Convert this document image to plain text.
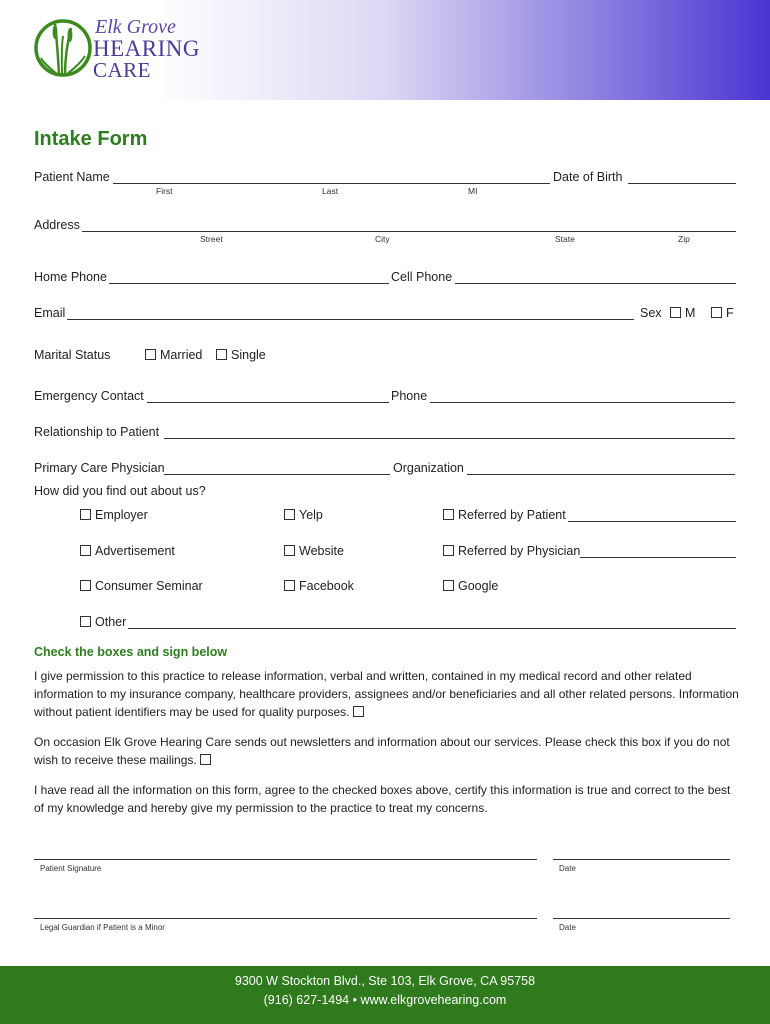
Elk Grove
HEARING
CARE
Intake Form
Patient Name	Date of Birth
First	Last	MI
Address
Street	City	State	Zip
Home Phone	Cell Phone
Email	Sex	M	F
Marital Status	Married	Single
Emergency Contact	Phone
Relationship to Patient
Primary Care Physician	Organization
How did you find out about us?
Employer	Yelp	Referred by Patient
Advertisement	Website	Referred by Physician
Consumer Seminar	Facebook	Google
Other
Check the boxes and sign below
I give permission to this practice to release information, verbal and written, contained in my medical record and other related information to my insurance company, healthcare providers, assignees and/or beneficiaries and all other related persons. Information without patient identifiers may be used for quality purposes.
On occasion Elk Grove Hearing Care sends out newsletters and information about our services. Please check this box if you do not wish to receive these mailings.
I have read all the information on this form, agree to the checked boxes above, certify this information is true and correct to the best of my knowledge and hereby give my permission to the practice to treat my concerns.
Patient Signature	Date
Legal Guardian if Patient is a Minor	Date
9300 W Stockton Blvd., Ste 103, Elk Grove, CA 95758
(916) 627-1494 • www.elkgrovehearing.com
